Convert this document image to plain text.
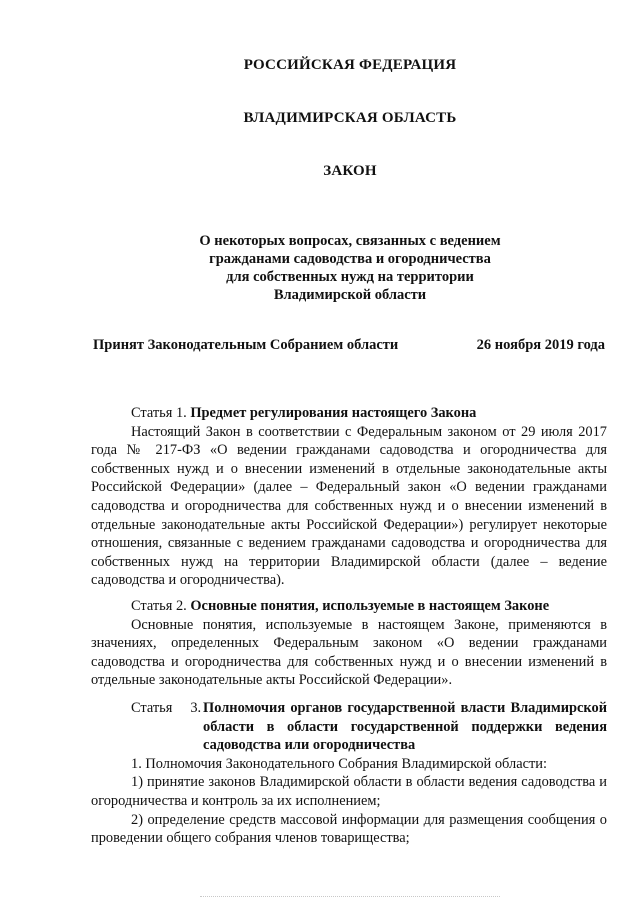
РОССИЙСКАЯ ФЕДЕРАЦИЯ
ВЛАДИМИРСКАЯ ОБЛАСТЬ
ЗАКОН
О некоторых вопросах, связанных с ведением
гражданами садоводства и огородничества
для собственных нужд на территории
Владимирской области
Принят Законодательным Собранием области	26 ноября 2019 года

Статья 1. Предмет регулирования настоящего Закона

Настоящий Закон в соответствии с Федеральным законом от 29 июля 2017 года № 217-ФЗ «О ведении гражданами садоводства и огородничества для собственных нужд и о внесении изменений в отдельные законодательные акты Российской Федерации» (далее – Федеральный закон «О ведении гражданами садоводства и огородничества для собственных нужд и о внесении изменений в отдельные законодательные акты Российской Федерации») регулирует некоторые отношения, связанные с ведением гражданами садоводства и огородничества для собственных нужд на территории Владимирской области (далее – ведение садоводства и огородничества).

Статья 2. Основные понятия, используемые в настоящем Законе

Основные понятия, используемые в настоящем Законе, применяются в значениях, определенных Федеральным законом «О ведении гражданами садоводства и огородничества для собственных нужд и о внесении изменений в отдельные законодательные акты Российской Федерации».

Статья 3. Полномочия органов государственной власти Владимирской области в области государственной поддержки ведения садоводства или огородничества

1. Полномочия Законодательного Собрания Владимирской области:

1) принятие законов Владимирской области в области ведения садоводства и огородничества и контроль за их исполнением;

2) определение средств массовой информации для размещения сообщения о проведении общего собрания членов товарищества;
